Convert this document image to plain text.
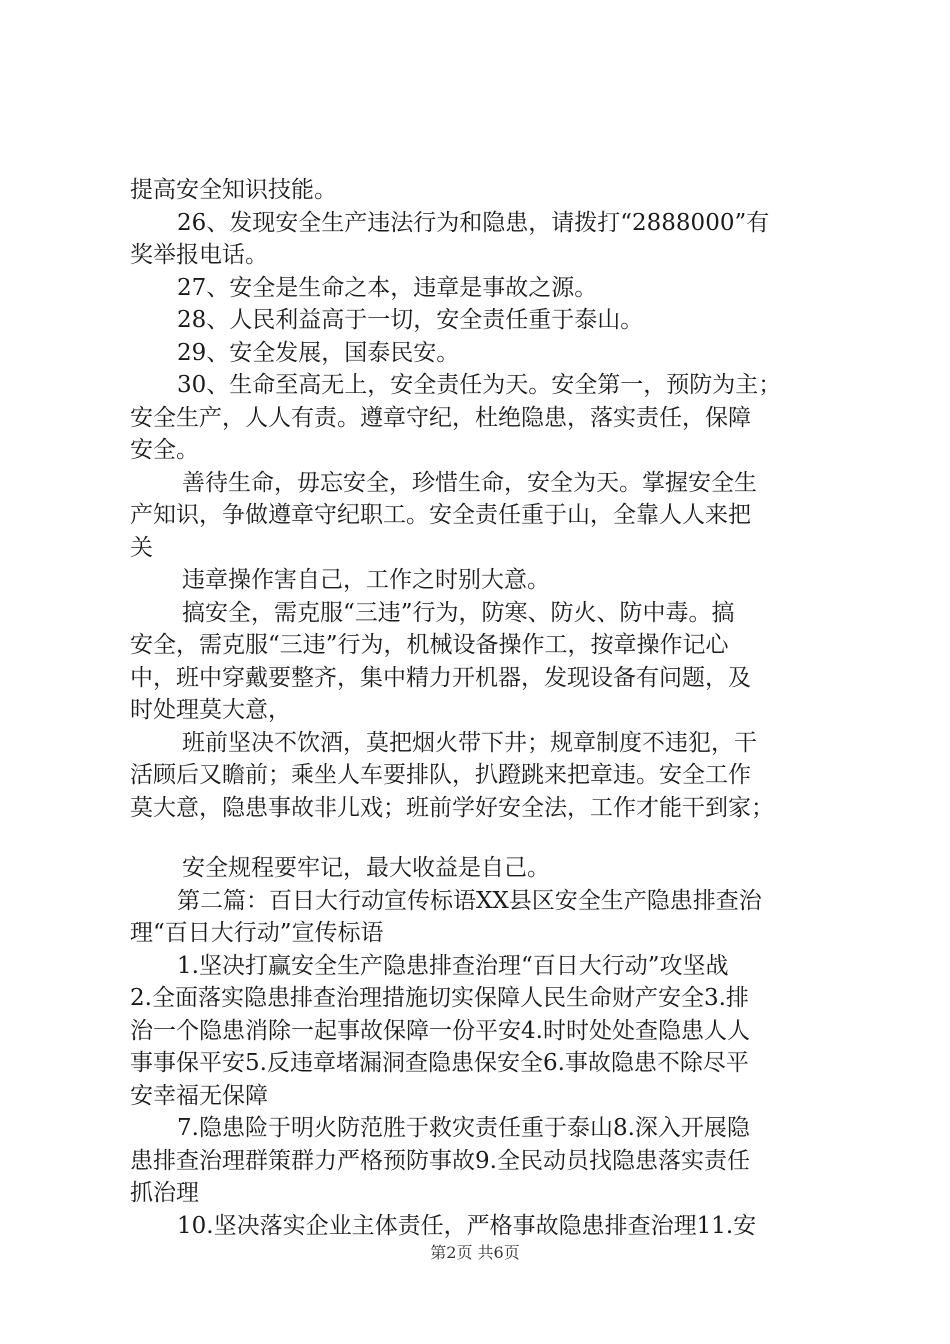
提高安全知识技能。
26、发现安全生产违法行为和隐患，请拨打“2888000”有
奖举报电话。
27、安全是生命之本，违章是事故之源。
28、人民利益高于一切，安全责任重于泰山。
29、安全发展，国泰民安。
30、生命至高无上，安全责任为天。安全第一，预防为主；
安全生产，人人有责。遵章守纪，杜绝隐患，落实责任，保障
安全。
善待生命，毋忘安全，珍惜生命，安全为天。掌握安全生
产知识，争做遵章守纪职工。安全责任重于山，全靠人人来把
关
违章操作害自己，工作之时别大意。
搞安全，需克服“三违”行为，防寒、防火、防中毒。搞
安全，需克服“三违”行为，机械设备操作工，按章操作记心
中，班中穿戴要整齐，集中精力开机器，发现设备有问题，及
时处理莫大意，
班前坚决不饮酒，莫把烟火带下井；规章制度不违犯，干
活顾后又瞻前；乘坐人车要排队，扒蹬跳来把章违。安全工作
莫大意，隐患事故非儿戏；班前学好安全法，工作才能干到家；
安全规程要牢记，最大收益是自己。
第二篇：百日大行动宣传标语XX县区安全生产隐患排查治
理“百日大行动”宣传标语
1.坚决打赢安全生产隐患排查治理“百日大行动”攻坚战
2.全面落实隐患排查治理措施切实保障人民生命财产安全3.排
治一个隐患消除一起事故保障一份平安4.时时处处查隐患人人
事事保平安5.反违章堵漏洞查隐患保安全6.事故隐患不除尽平
安幸福无保障
7.隐患险于明火防范胜于救灾责任重于泰山8.深入开展隐
患排查治理群策群力严格预防事故9.全民动员找隐患落实责任
抓治理
10.坚决落实企业主体责任，严格事故隐患排查治理11.安
第2页 共6页
